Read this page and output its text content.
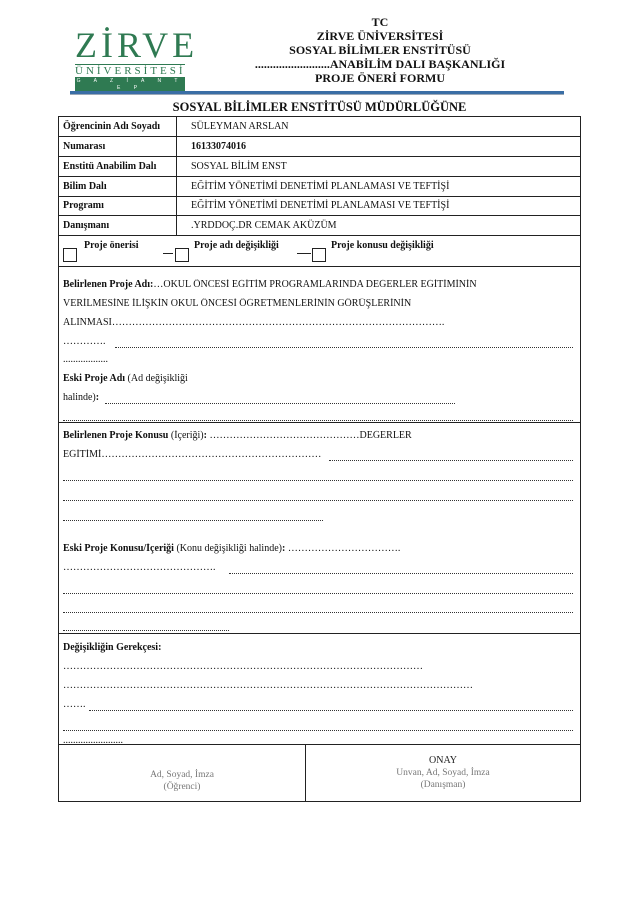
ZİRVE
ÜNİVERSİTESİ
G A Z İ A N T E P
TC
ZİRVE ÜNİVERSİTESİ
SOSYAL BİLİMLER ENSTİTÜSÜ
.........................ANABİLİM DALI BAŞKANLIĞI
PROJE ÖNERİ FORMU
SOSYAL BİLİMLER ENSTİTÜSÜ MÜDÜRLÜĞÜNE
Öğrencinin Adı Soyadı	SÜLEYMAN ARSLAN
Numarası	16133074016
Enstitü Anabilim Dalı	SOSYAL BİLİM ENST
Bilim Dalı	EĞİTİM YÖNETİMİ DENETİMİ PLANLAMASI VE TEFTİŞİ
Programı	EĞİTİM YÖNETİMİ DENETİMİ PLANLAMASI VE TEFTİŞİ
Danışmanı	.YRDDOÇ.DR CEMAK AKÜZÜM
Proje önerisi	Proje adı değişikliği	Proje konusu değişikliği
Belirlenen Proje Adı:…OKUL ÖNCESİ EĞİTİM PROGRAMLARINDA DEĞERLER EĞİTİMİNİN
VERİLMESİNE İLİŞKİN OKUL ÖNCESİ ÖĞRETMENLERİNİN GÖRÜŞLERİNİN
ALINMASI……………………………………………………………………………………….
………….
..................
Eski Proje Adı (Ad değişikliği
halinde):
Belirlenen Proje Konusu (İçeriği): ………………………………………DEĞERLER
EĞİTİMİ…………………………………………………………
Eski Proje Konusu/İçeriği (Konu değişikliği halinde): …………………………….
……………………………………….
Değişikliğin Gerekçesi:
………………………………………………………………………………………………
……………………………………………………………………………………………………………
…….
........................
Ad, Soyad, İmza
(Öğrenci)
ONAY
Unvan, Ad, Soyad, İmza
(Danışman)
